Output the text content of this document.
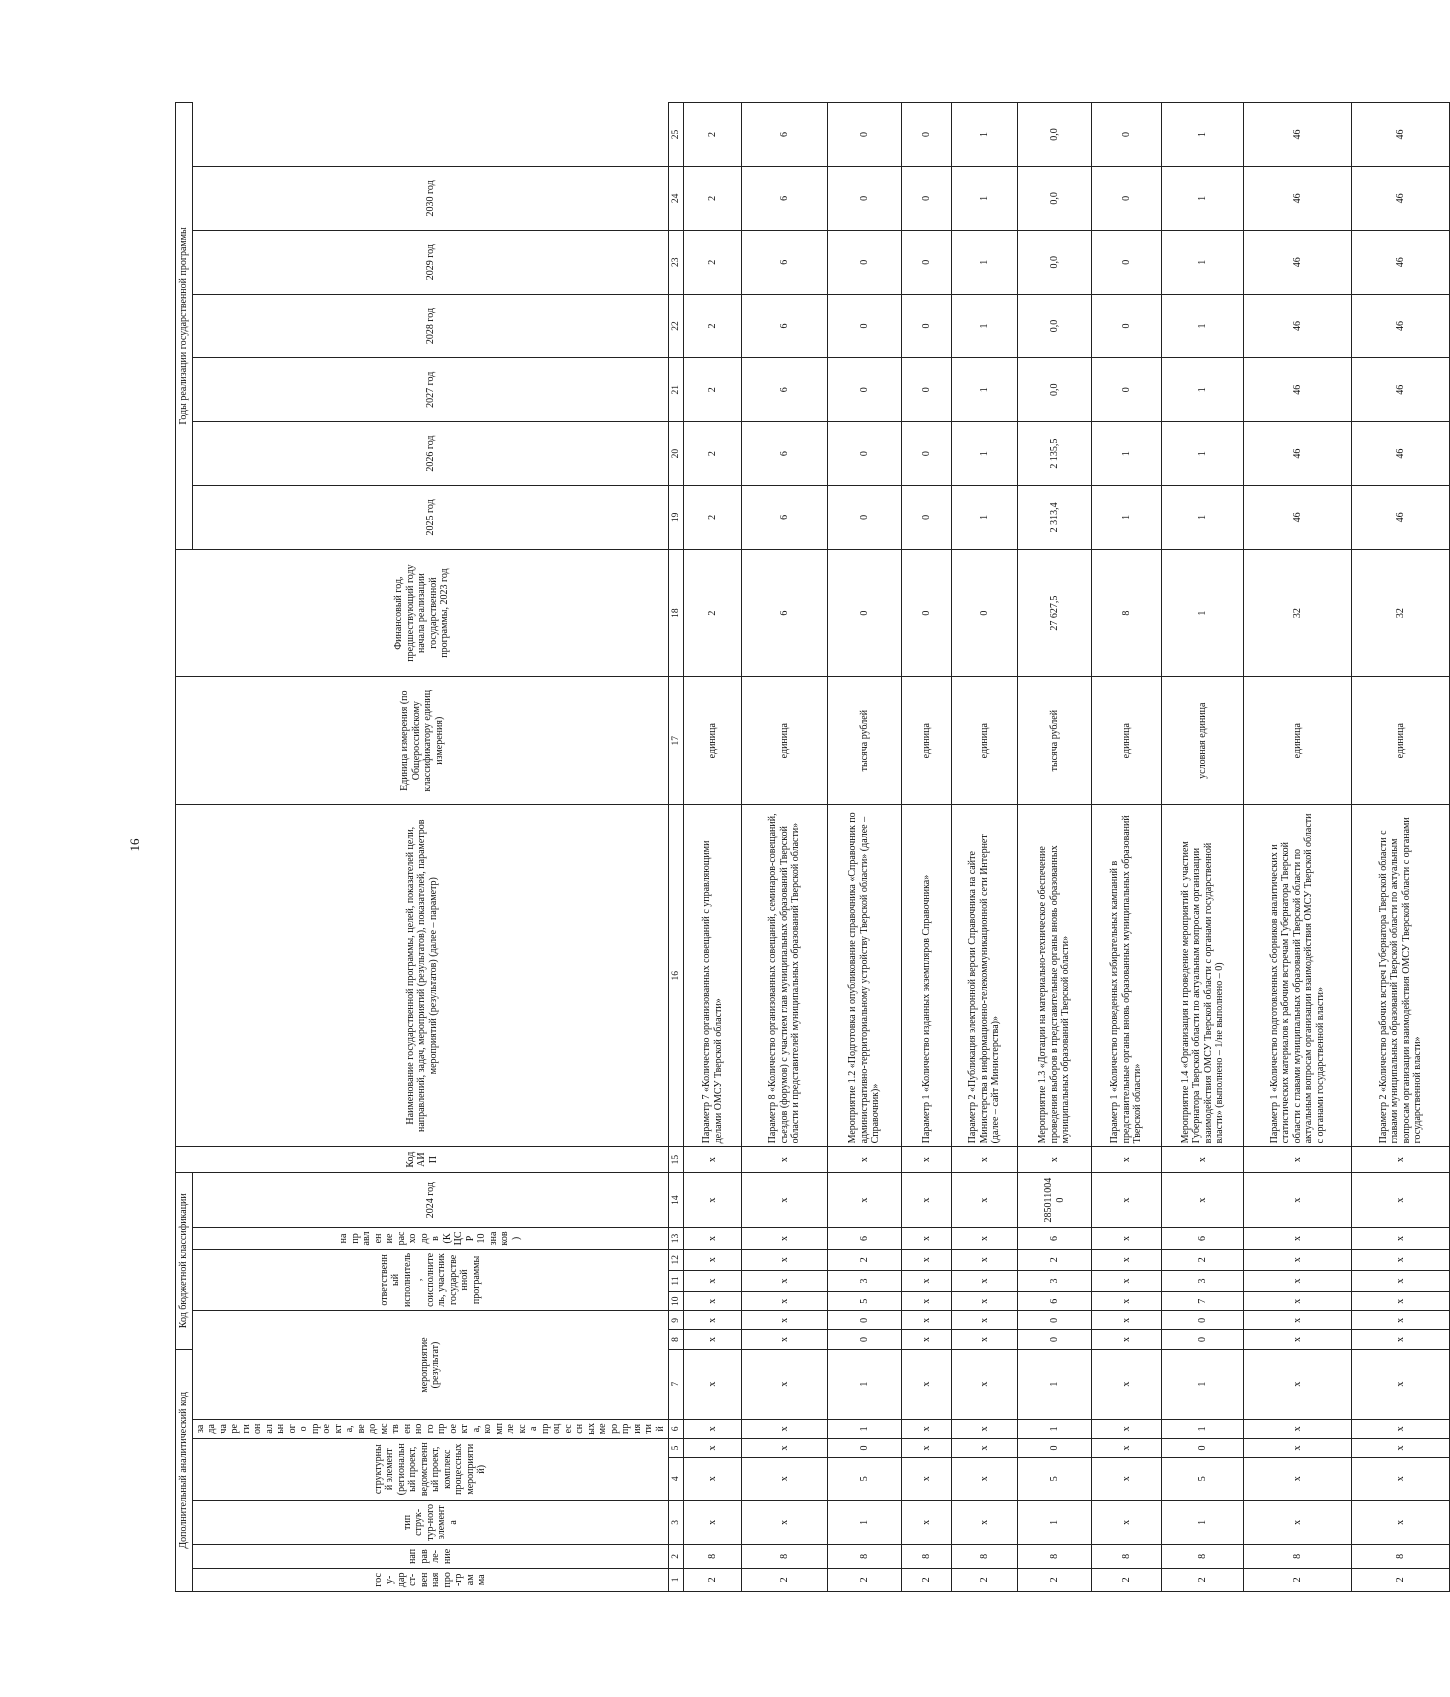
16
Дополнительный аналитический код							Код бюджетной классификации							Код АИП	Наименование государственной программы, целей, показателей цели, направлений, задач, мероприятий (результатов), показателей, параметров мероприятий (результатов) (далее – параметр)	Единица измерения (по Общероссийскому классификатору единиц измерения)	Финансовый год, предшествующий году начала реализации государственной программы, 2023 год	Годы реализации государственной программы						
госу-дарст-венная про-грамма	направле-ние	тип струк-тур-ного элемента	структурный элемент (региональный проект, ведомственный проект, комплекс процессных мероприятий)		задача регионального проекта, ведомственного проекта, комплекса процессных мероприятий	мероприятие (результат)			ответственный исполнитель, соисполнитель, участник государственной программы			направление расходов (КЦСР 10 знаков)	2024 год					2025 год	2026 год	2027 год	2028 год	2029 год	2030 год	

1	2	3	4	5	6	7	8	9	10	11	12	13	14	15	16	17	18	19	20	21	22	23	24	25
2	8	х	х	х	х	х	х	х	х	х	х	х	х	х	Параметр 7 «Количество организованных совещаний с управляющими делами ОМСУ Тверской области»	единица	2	2	2	2	2	2	2	2
2	8	х	х	х	х	х	х	х	х	х	х	х	х	х	Параметр 8 «Количество организованных совещаний, семинаров-совещаний, съездов (форумов) с участием глав муниципальных образований Тверской области и представителей муниципальных образований Тверской области»	единица	6	6	6	6	6	6	6	6
2	8	1	5	0	1	1	0	0	5	3	2	6	х	х	Мероприятие 1.2 «Подготовка и опубликование справочника «Справочник по административно-территориальному устройству Тверской области» (далее – Справочник)»	тысяча рублей	0	0	0	0	0	0	0	0
2	8	х	х	х	х	х	х	х	х	х	х	х	х	х	Параметр 1 «Количество изданных экземпляров Справочника»	единица	0	0	0	0	0	0	0	0
2	8	х	х	х	х	х	х	х	х	х	х	х	х	х	Параметр 2 «Публикация электронной версии Справочника на сайте Министерства в информационно-телекоммуникационной сети Интернет (далее – сайт Министерства)»	единица	0	1	1	1	1	1	1	1
2	8	1	5	0	1	1	0	0	6	3	2	6	2850110040	х	Мероприятие 1.3 «Дотации на материально-техническое обеспечение проведения выборов в представительные органы вновь образованных муниципальных образований Тверской области»	тысяча рублей	27 627,5	2 313,4	2 135,5	0,0	0,0	0,0	0,0	0,0
2	8	х	х	х	х	х	х	х	х	х	х	х	х	х	Параметр 1 «Количество проведенных избирательных кампаний в представительные органы вновь образованных муниципальных образований Тверской области»	единица	8	1	1	0	0	0	0	0
2	8	1	5	0	1	1	0	0	7	3	2	6	х	х	Мероприятие 1.4 «Организация и проведение мероприятий с участием Губернатора Тверской области по актуальным вопросам организации взаимодействия ОМСУ Тверской области с органами государственной власти» (выполнено – 1/не выполнено – 0)	условная единица	1	1	1	1	1	1	1	1
2	8	х	х	х	х	х	х	х	х	х	х	х	х	х	Параметр 1 «Количество подготовленных сборников аналитических и статистических материалов к рабочим встречам Губернатора Тверской области с главами муниципальных образований Тверской области по актуальным вопросам организации взаимодействия ОМСУ Тверской области с органами государственной власти»	единица	32	46	46	46	46	46	46	46
2	8	х	х	х	х	х	х	х	х	х	х	х	х	х	Параметр 2 «Количество рабочих встреч Губернатора Тверской области с главами муниципальных образований Тверской области по актуальным вопросам организации взаимодействия ОМСУ Тверской области с органами государственной власти»	единица	32	46	46	46	46	46	46	46
